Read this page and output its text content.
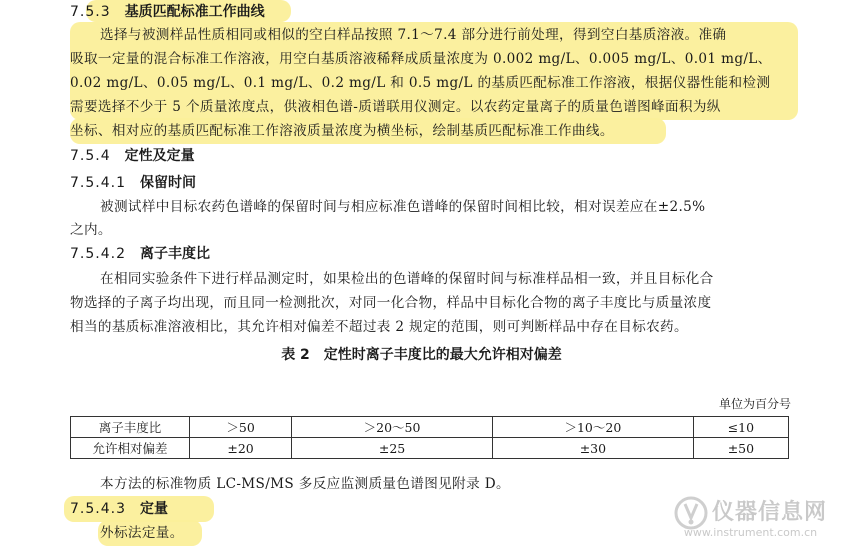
7.5.3 基质匹配标准工作曲线
选择与被测样品性质相同或相似的空白样品按照 7.1～7.4 部分进行前处理，得到空白基质溶液。准确
吸取一定量的混合标准工作溶液，用空白基质溶液稀释成质量浓度为 0.002 mg/L、0.005 mg/L、0.01 mg/L、
0.02 mg/L、0.05 mg/L、0.1 mg/L、0.2 mg/L 和 0.5 mg/L 的基质匹配标准工作溶液，根据仪器性能和检测
需要选择不少于 5 个质量浓度点，供液相色谱-质谱联用仪测定。以农药定量离子的质量色谱图峰面积为纵
坐标、相对应的基质匹配标准工作溶液质量浓度为横坐标，绘制基质匹配标准工作曲线。
7.5.4 定性及定量
7.5.4.1 保留时间
被测试样中目标农药色谱峰的保留时间与相应标准色谱峰的保留时间相比较，相对误差应在±2.5%
之内。
7.5.4.2 离子丰度比
在相同实验条件下进行样品测定时，如果检出的色谱峰的保留时间与标准样品相一致，并且目标化合
物选择的子离子均出现，而且同一检测批次，对同一化合物，样品中目标化合物的离子丰度比与质量浓度
相当的基质标准溶液相比，其允许相对偏差不超过表 2 规定的范围，则可判断样品中存在目标农药。
表 2　定性时离子丰度比的最大允许相对偏差
单位为百分号
离子丰度比	＞50	＞20～50	＞10～20	≤10
允许相对偏差	±20	±25	±30	±50
本方法的标准物质 LC-MS/MS 多反应监测质量色谱图见附录 D。
7.5.4.3 定量
外标法定量。
仪器信息网
www.instrument.com.cn
